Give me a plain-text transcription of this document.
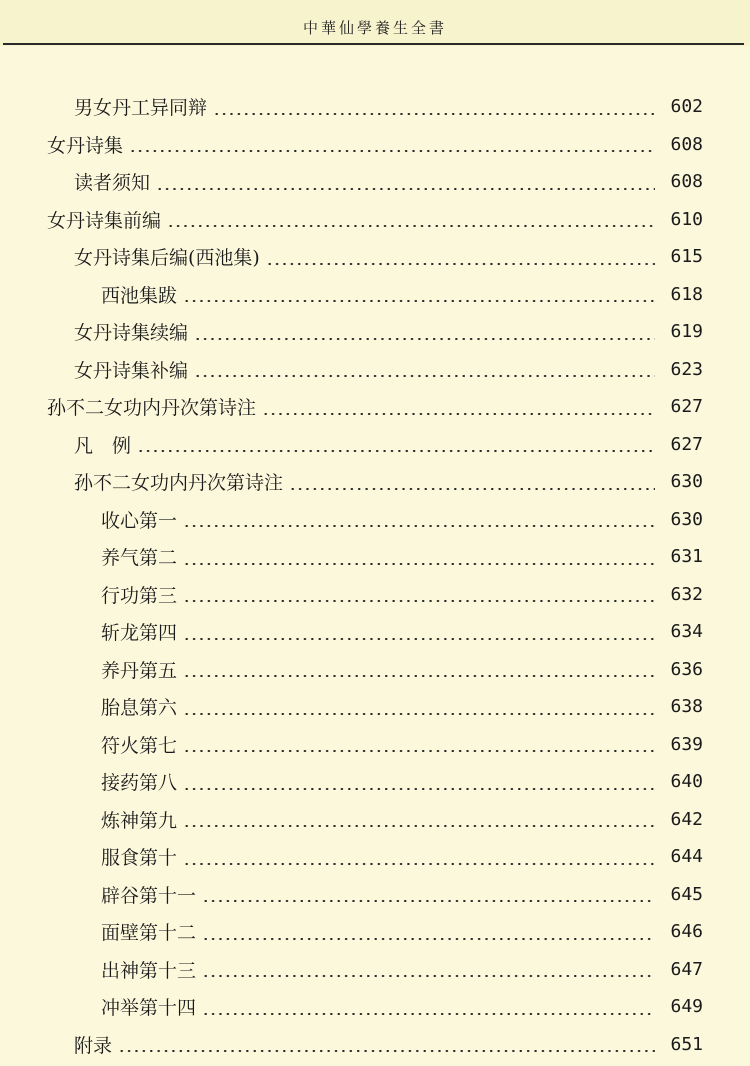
中華仙學養生全書
男女丹工异同辩	602
女丹诗集	608
读者须知	608
女丹诗集前编	610
女丹诗集后编(西池集)	615
西池集跋	618
女丹诗集续编	619
女丹诗集补编	623
孙不二女功内丹次第诗注	627
凡　例	627
孙不二女功内丹次第诗注	630
收心第一	630
养气第二	631
行功第三	632
斩龙第四	634
养丹第五	636
胎息第六	638
符火第七	639
接药第八	640
炼神第九	642
服食第十	644
辟谷第十一	645
面壁第十二	646
出神第十三	647
冲举第十四	649
附录	651
